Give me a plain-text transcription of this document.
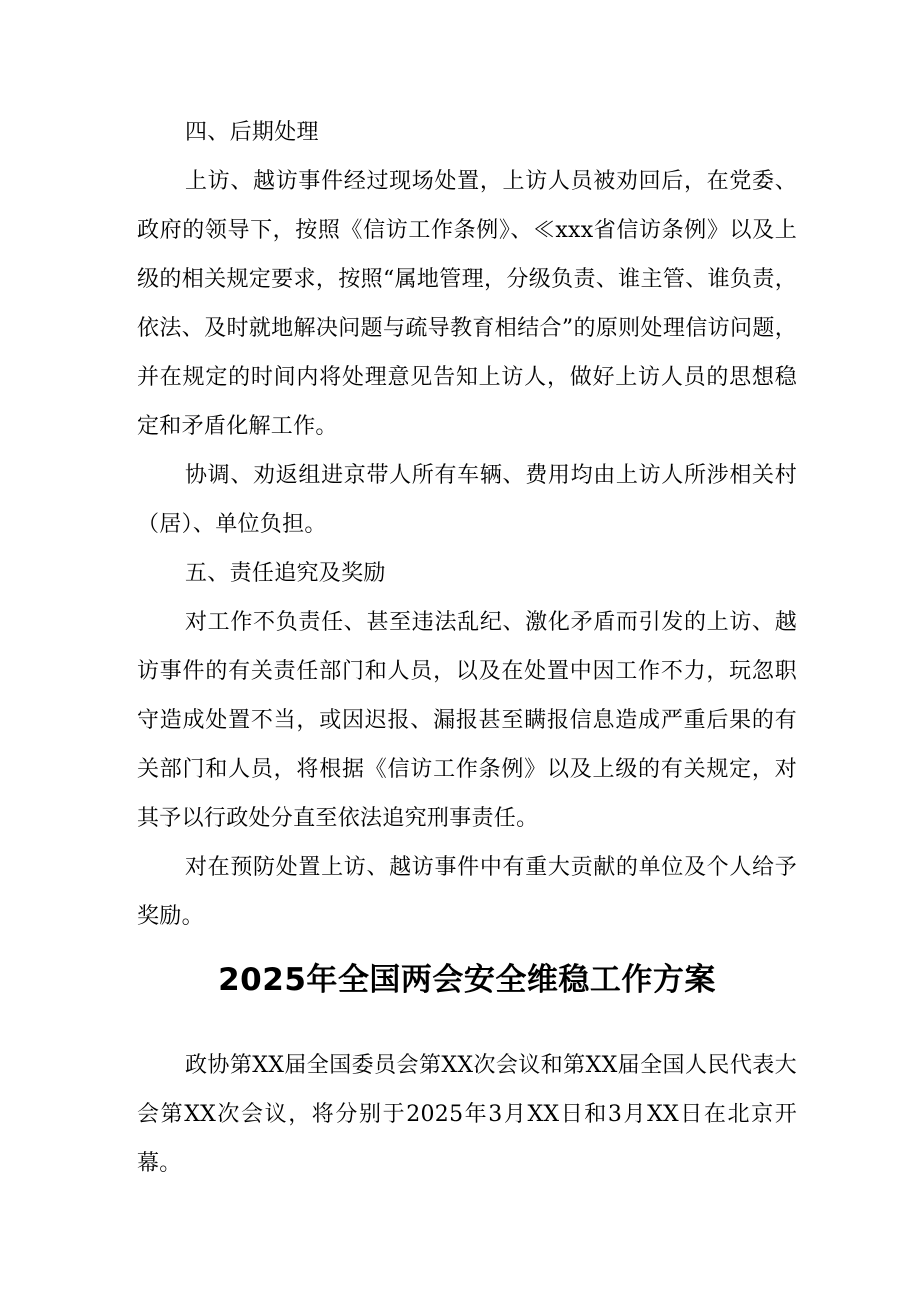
四、后期处理

上访、越访事件经过现场处置，上访人员被劝回后，在党委、政府的领导下，按照《信访工作条例》、≪xxx省信访条例》以及上级的相关规定要求，按照“属地管理，分级负责、谁主管、谁负责，依法、及时就地解决问题与疏导教育相结合”的原则处理信访问题，并在规定的时间内将处理意见告知上访人，做好上访人员的思想稳定和矛盾化解工作。

协调、劝返组进京带人所有车辆、费用均由上访人所涉相关村（居）、单位负担。

五、责任追究及奖励

对工作不负责任、甚至违法乱纪、激化矛盾而引发的上访、越访事件的有关责任部门和人员，以及在处置中因工作不力，玩忽职守造成处置不当，或因迟报、漏报甚至瞒报信息造成严重后果的有关部门和人员，将根据《信访工作条例》以及上级的有关规定，对其予以行政处分直至依法追究刑事责任。

对在预防处置上访、越访事件中有重大贡献的单位及个人给予奖励。

2025年全国两会安全维稳工作方案

政协第XX届全国委员会第XX次会议和第XX届全国人民代表大会第XX次会议，将分别于2025年3月XX日和3月XX日在北京开幕。
